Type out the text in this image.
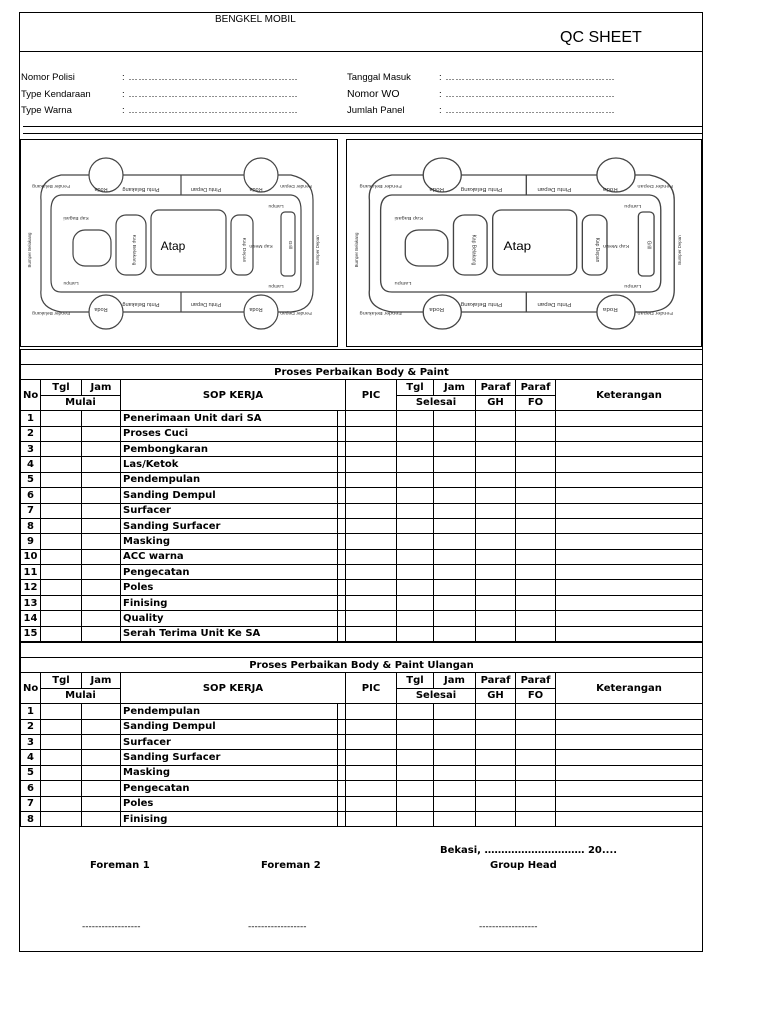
BENGKEL MOBIL
QC SHEET
Nomor Polisi	: ……………………………………………
Type Kendaraan	: ……………………………………………
Type Warna	: ……………………………………………
Tanggal Masuk	: ……………………………………………
Nomor WO	: ……………………………………………
Jumlah Panel	: ……………………………………………
Roda	Pintu Belakang	Pintu Depan	Roda
Fender Depan
Fender Belakang
Kap Bagasi
Kap Belakang	Kap Depan Kap Mesin	Grill
Lampu
Lampu
Lampu
Bumper Belakang	Bumper Depan
Roda
Pintu Belakang	Pintu Depan
Roda
Fender Belakang	Fender Depan
Atap
Roda	Pintu Belakang	Pintu Depan	Roda
Fender Depan
Fender Belakang
Kap Bagasi
Kap Belakang	Kap Depan Kap Mesin	Grill
Lampu
Lampu
Lampu
Bumper Belakang	Bumper Depan
Roda
Pintu Belakang	Pintu Depan
Roda
Fender Belakang	Fender Depan
Atap

Proses Perbaikan Body & Paint										
No	Tgl	Jam	SOP KERJA		PIC	Tgl	Jam	Paraf	Paraf	Keterangan
	Mulai					Selesai		GH	FO	
1			Penerimaan Unit dari SA							
2			Proses Cuci							
3			Pembongkaran							
4			Las/Ketok							
5			Pendempulan							
6			Sanding Dempul							
7			Surfacer							
8			Sanding Surfacer							
9			Masking							
10			ACC warna							
11			Pengecatan							
12			Poles							
13			Finising							
14			Quality							
15			Serah Terima Unit Ke SA							

Proses Perbaikan Body & Paint Ulangan										
No	Tgl	Jam	SOP KERJA		PIC	Tgl	Jam	Paraf	Paraf	Keterangan
	Mulai					Selesai		GH	FO	
1			Pendempulan							
2			Sanding Dempul							
3			Surfacer							
4			Sanding Surfacer							
5			Masking							
6			Pengecatan							
7			Poles							
8			Finising							
Bekasi, ………………………… 20....
Foreman 1	Foreman 2	Group Head
------------------	------------------	------------------
